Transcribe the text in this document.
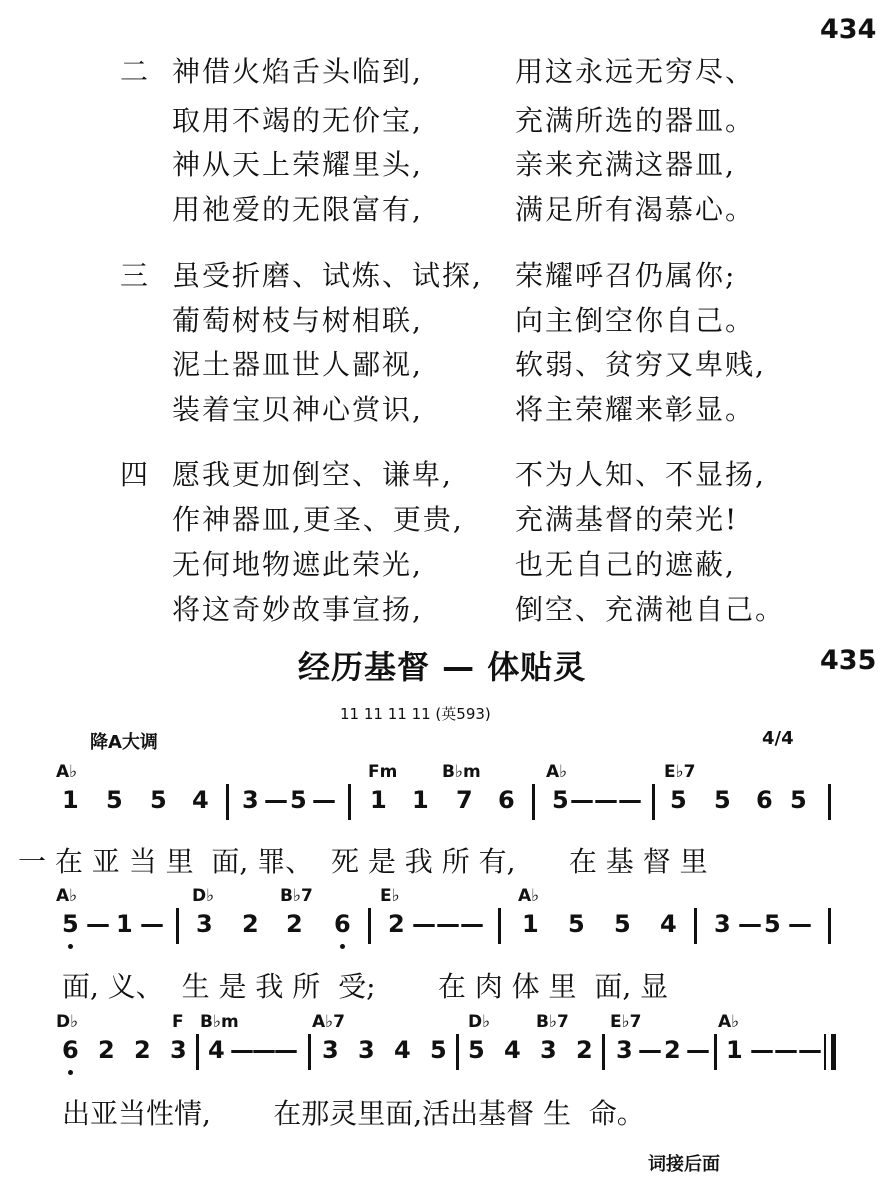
434
二 神借火焰舌头临到,	用这永远无穷尽、
取用不竭的无价宝,	充满所选的器皿。
神从天上荣耀里头,	亲来充满这器皿,
用祂爱的无限富有,	满足所有渴慕心。
三 虽受折磨、试炼、试探, 荣耀呼召仍属你;
葡萄树枝与树相联,	向主倒空你自己。
泥土器皿世人鄙视,	软弱、贫穷又卑贱,
装着宝贝神心赏识,	将主荣耀来彰显。
四 愿我更加倒空、谦卑, 不为人知、不显扬,
作神器皿,更圣、更贵, 充满基督的荣光!
无何地物遮此荣光,	也无自己的遮蔽,
将这奇妙故事宣扬,	倒空、充满祂自己。
经历基督 — 体贴灵	435
11 11 11 11 (英593)
降A大调	4/4
A♭	Fm	B♭m	A♭	E♭7
1 5 5 4 3 — 5 — 1 1 7 6 5 — — — 5 5 6 5
一 在 亚 当 里  面, 罪、  死 是 我 所 有,      在 基 督 里
A♭	D♭	B♭7	E♭	A♭
5 — 1 — 3 2 2 6 2 — — — 1 5 5 4 3 — 5 —
面, 义、  生 是 我 所  受;       在 肉 体 里  面, 显
D♭	F B♭m	A♭7	D♭	B♭7 E♭7	A♭
6 2 2 3 4 —
—
— 3 3 4 5 5 4 3 2 3 — 2 — 1 — — —
出亚当性情,       在那灵里面,活出基督 生  命。
词接后面
